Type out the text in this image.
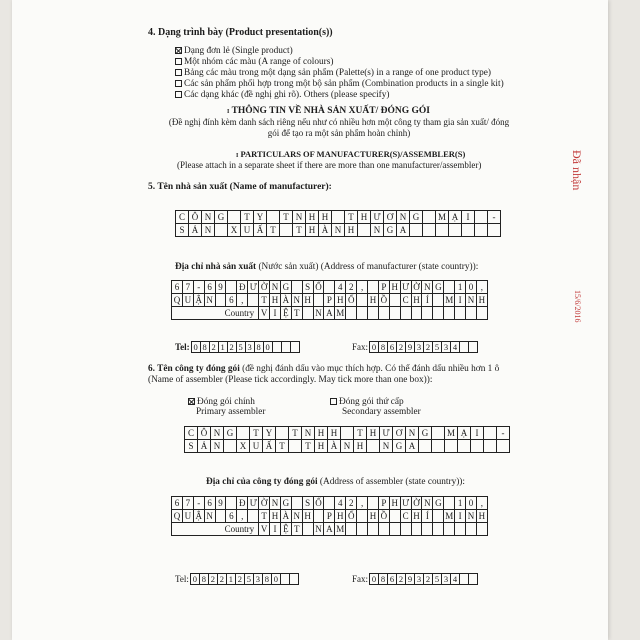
4. Dạng trình bày (Product presentation(s))
Dạng đơn lẻ (Single product)
Một nhóm các màu (A range of colours)
Bảng các màu trong một dạng sản phẩm (Palette(s) in a range of one product type)
Các sản phẩm phối hợp trong một bộ sản phẩm (Combination products in a single kit)
Các dạng khác (đề nghị ghi rõ). Others (please specify)
I THÔNG TIN VỀ NHÀ SẢN XUẤT/ ĐÓNG GÓI
(Đề nghị đính kèm danh sách riêng nếu như có nhiều hơn một công ty tham gia sản xuất/ đóng
gói để tạo ra một sản phẩm hoàn chỉnh)
I PARTICULARS OF MANUFACTURER(S)/ASSEMBLER(S)
(Please attach in a separate sheet if there are more than one manufacturer/assembler)
5. Tên nhà sản xuất (Name of manufacturer):
C Ô N G	T Y	T N H H	T H Ư Ơ N G	M Ạ I	-
S Ả N	X U Ấ T	T H À N H	N G A
Địa chỉ nhà sản xuất (Nước sản xuất) (Address of manufacturer (state country)):
6 7 - 6 9	Đ Ư Ờ N G	S Ố	4 2 ,	P H Ư Ờ N G	1 0 ,
Q U Ậ N	6 ,	T H À N H	P H Ố	H Ồ	C H Í	M I N H
Country V I Ệ T	N A M
Tel: 0 8 2 1 2 5 3 8 0	Fax: 0 8 6 2 9 3 2 5 3 4
6. Tên công ty đóng gói (đề nghị đánh dấu vào mục thích hợp. Có thể đánh dấu nhiều hơn 1 ô
(Name of assembler (Please tick accordingly. May tick more than one box)):
Đóng gói chính
Primary assembler
Đóng gói thứ cấp
Secondary assembler
C Ô N G	T Y	T N H H	T H Ư Ơ N G	M Ạ I	-
S Ả N	X U Ấ T	T H À N H	N G A
Địa chỉ của công ty đóng gói (Address of assembler (state country)):
6 7 - 6 9	Đ Ư Ờ N G	S Ố	4 2 ,	P H Ư Ờ N G	1 0 ,
Q U Ậ N	6 ,	T H À N H	P H Ố	H Ồ	C H Í	M I N H
Country V I Ệ T	N A M
Tel: 0 8 2 2 1 2 5 3 8 0	Fax: 0 8 6 2 9 3 2 5 3 4
Đã nhận
15/6/2016
